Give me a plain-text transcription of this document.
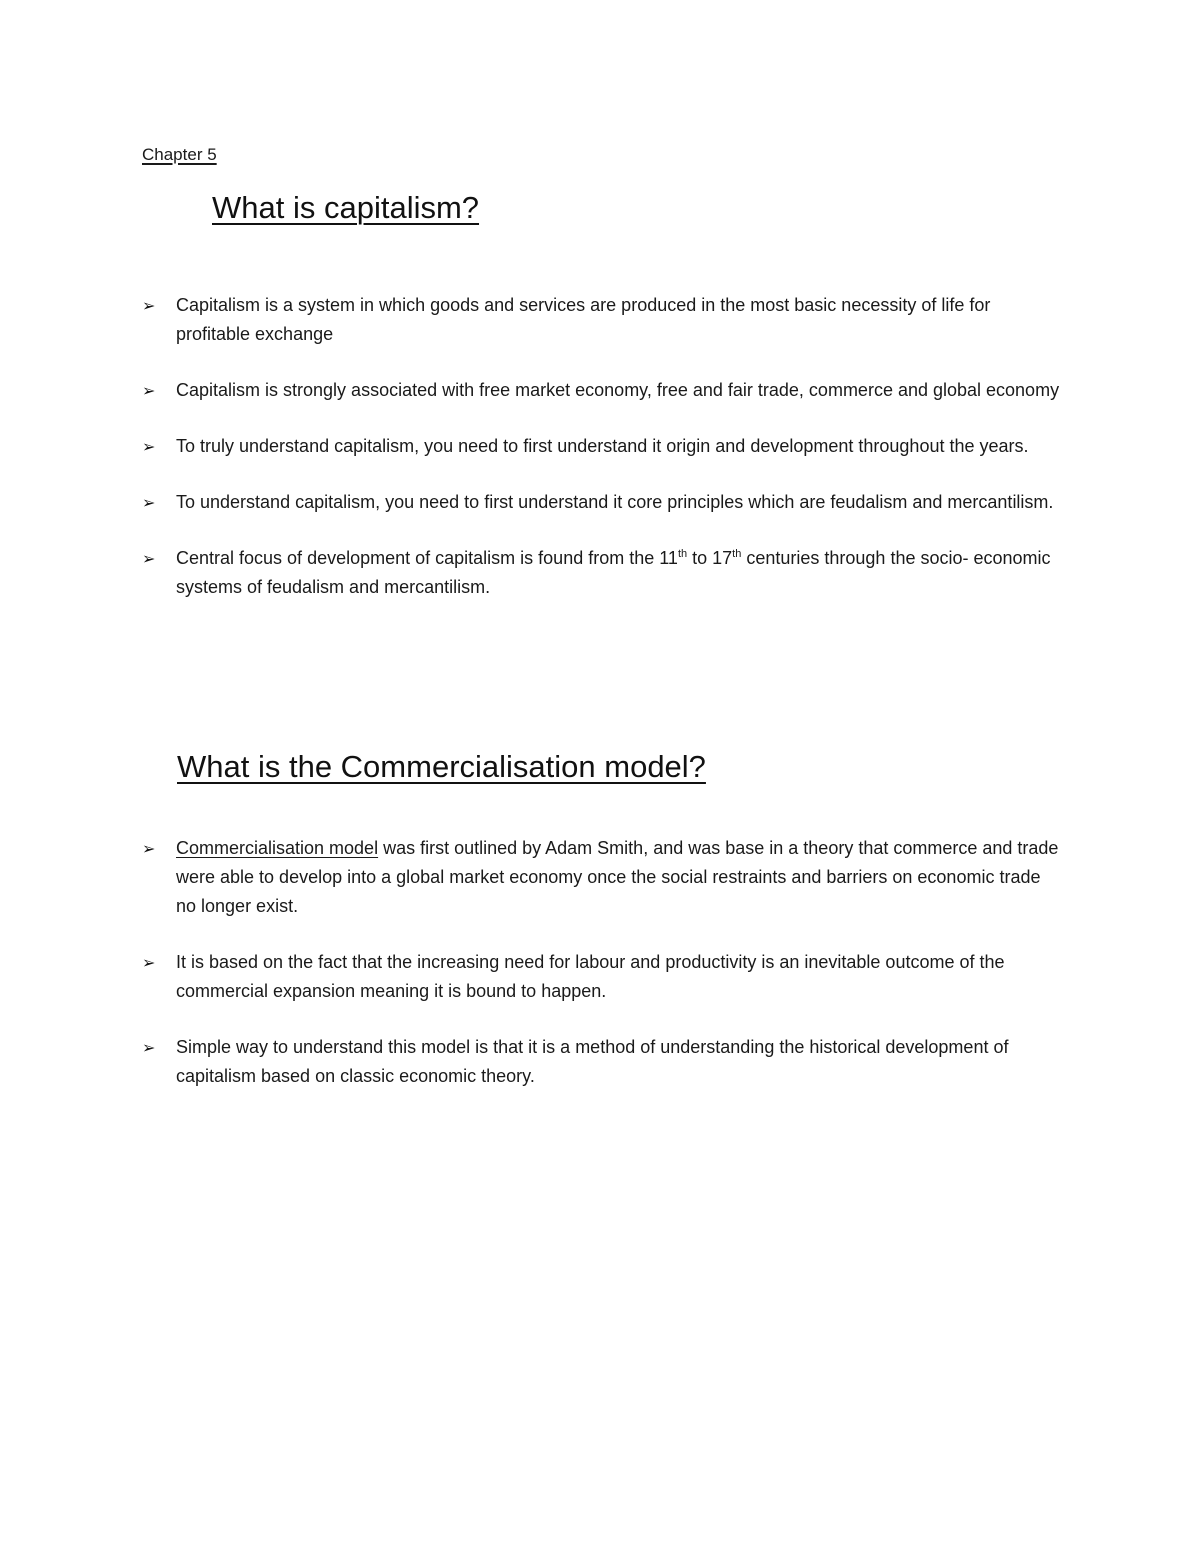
Chapter 5

What is capitalism?
➢ Capitalism is a system in which goods and services are produced in the most basic necessity of life for profitable exchange
➢ Capitalism is strongly associated with free market economy, free and fair trade, commerce and global economy
➢ To truly understand capitalism, you need to first understand it origin and development throughout the years.
➢ To understand capitalism, you need to first understand it core principles which are feudalism and mercantilism.
➢ Central focus of development of capitalism is found from the 11th to 17th centuries through the socio- economic systems of feudalism and mercantilism.
What is the Commercialisation model?
➢ Commercialisation model was first outlined by Adam Smith, and was base in a theory that commerce and trade were able to develop into a global market economy once the social restraints and barriers on economic trade no longer exist.
➢ It is based on the fact that the increasing need for labour and productivity is an inevitable outcome of the commercial expansion meaning it is bound to happen.
➢ Simple way to understand this model is that it is a method of understanding the historical development of capitalism based on classic economic theory.
